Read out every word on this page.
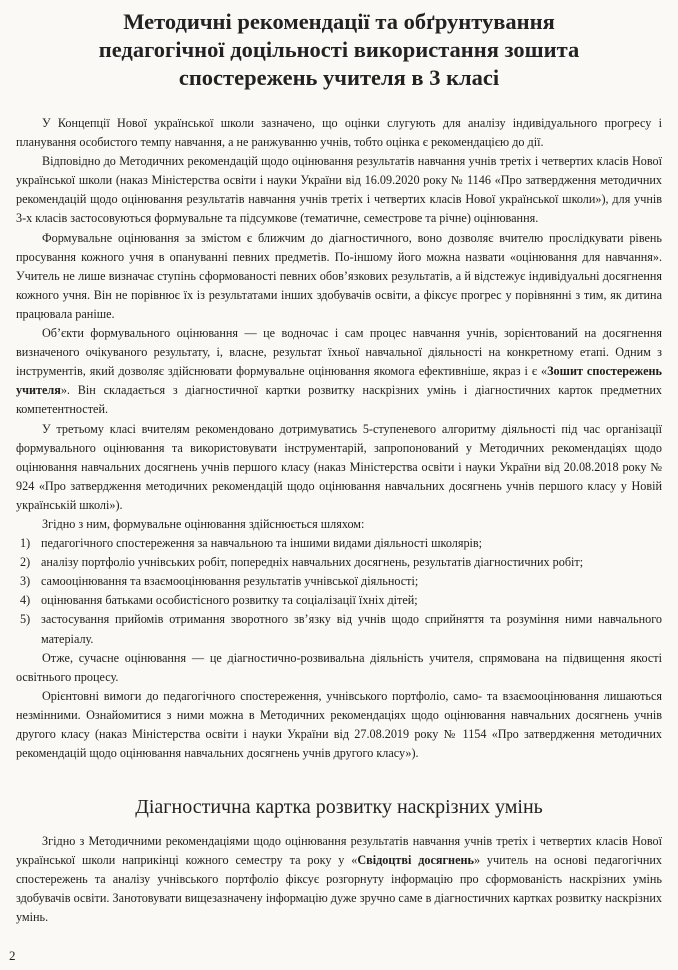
Методичні рекомендації та обґрунтування
педагогічної доцільності використання зошита
спостережень учителя в 3 класі

У Концепції Нової української школи зазначено, що оцінки слугують для аналізу індивідуального прогресу і планування особистого темпу навчання, а не ранжуванню учнів, тобто оцінка є рекомендацією до дії.

Відповідно до Методичних рекомендацій щодо оцінювання результатів навчання учнів третіх і четвертих класів Нової української школи (наказ Міністерства освіти і науки України від 16.09.2020 року № 1146 «Про затвердження методичних рекомендацій щодо оцінювання результатів навчання учнів третіх і четвертих класів Нової української школи»), для учнів 3-х класів застосовуються формувальне та підсумкове (тематичне, семестрове та річне) оцінювання.

Формувальне оцінювання за змістом є ближчим до діагностичного, воно дозволяє вчителю прослідкувати рівень просування кожного учня в опануванні певних предметів. По-іншому його можна назвати «оцінювання для навчання». Учитель не лише визначає ступінь сформованості певних обов’язкових результатів, а й відстежує індивідуальні досягнення кожного учня. Він не порівнює їх із результатами інших здобувачів освіти, а фіксує прогрес у порівнянні з тим, як дитина працювала раніше.

Об’єкти формувального оцінювання — це водночас і сам процес навчання учнів, зорієнтований на досягнення визначеного очікуваного результату, і, власне, результат їхньої навчальної діяльності на конкретному етапі. Одним з інструментів, який дозволяє здійснювати формувальне оцінювання якомога ефективніше, якраз і є «Зошит спостережень учителя». Він складається з діагностичної картки розвитку наскрізних умінь і діагностичних карток предметних компетентностей.

У третьому класі вчителям рекомендовано дотримуватись 5-ступеневого алгоритму діяльності під час організації формувального оцінювання та використовувати інструментарій, запропонований у Методичних рекомендаціях щодо оцінювання навчальних досягнень учнів першого класу (наказ Міністерства освіти і науки України від 20.08.2018 року № 924 «Про затвердження методичних рекомендацій щодо оцінювання навчальних досягнень учнів першого класу у Новій українській школі»).

Згідно з ним, формувальне оцінювання здійснюється шляхом:

1) педагогічного спостереження за навчальною та іншими видами діяльності школярів;
2) аналізу портфоліо учнівських робіт, попередніх навчальних досягнень, результатів діагностичних робіт;
3) самооцінювання та взаємооцінювання результатів учнівської діяльності;
4) оцінювання батьками особистісного розвитку та соціалізації їхніх дітей;
5) застосування прийомів отримання зворотного зв’язку від учнів щодо сприйняття та розуміння ними навчального матеріалу.

Отже, сучасне оцінювання — це діагностично-розвивальна діяльність учителя, спрямована на підвищення якості освітнього процесу.

Орієнтовні вимоги до педагогічного спостереження, учнівського портфоліо, само- та взаємооцінювання лишаються незмінними. Ознайомитися з ними можна в Методичних рекомендаціях щодо оцінювання навчальних досягнень учнів другого класу (наказ Міністерства освіти і науки України від 27.08.2019 року № 1154 «Про затвердження методичних рекомендацій щодо оцінювання навчальних досягнень учнів другого класу»).

Діагностична картка розвитку наскрізних умінь

Згідно з Методичними рекомендаціями щодо оцінювання результатів навчання учнів третіх і четвертих класів Нової української школи наприкінці кожного семестру та року у «Свідоцтві досягнень» учитель на основі педагогічних спостережень та аналізу учнівського портфоліо фіксує розгорнуту інформацію про сформованість наскрізних умінь здобувачів освіти. Занотовувати вищезазначену інформацію дуже зручно саме в діагностичних картках розвитку наскрізних умінь.

2
